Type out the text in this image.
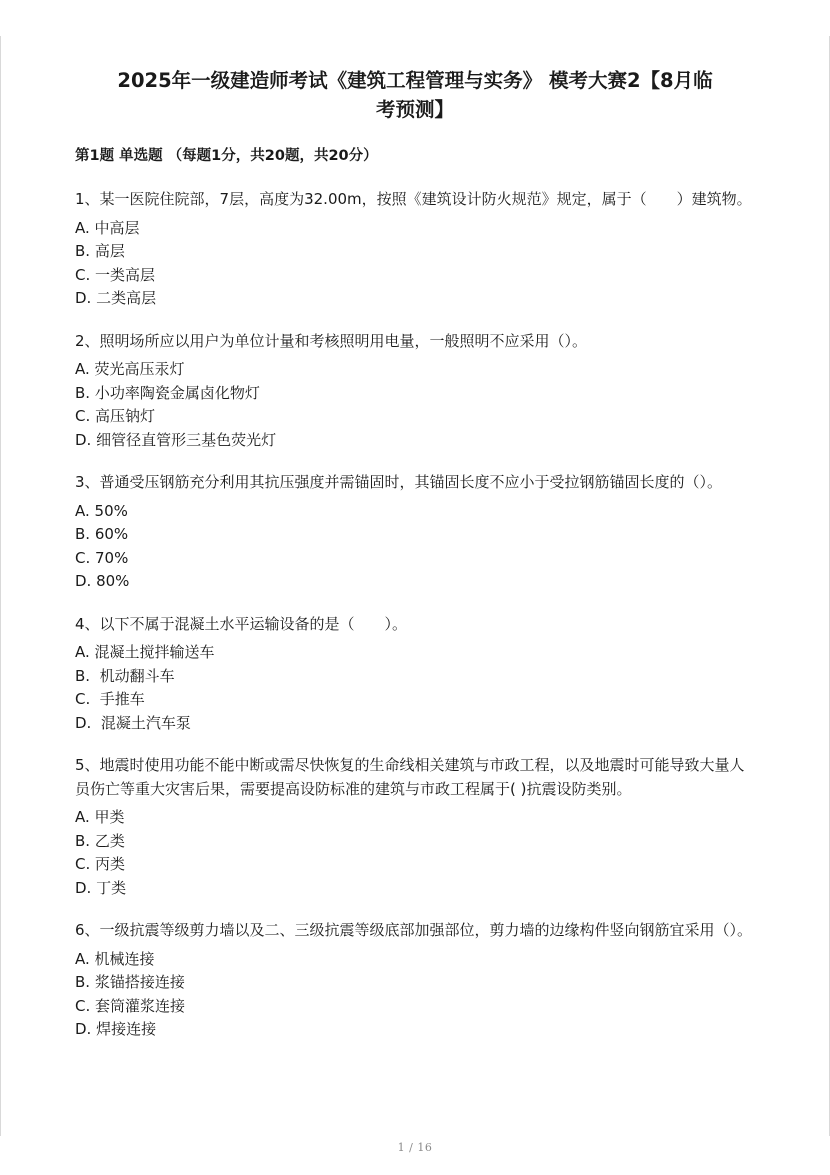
2025年一级建造师考试《建筑工程管理与实务》 模考大赛2【8月临
考预测】
第1题 单选题 （每题1分，共20题，共20分）
1、某一医院住院部，7层，高度为32.00m，按照《建筑设计防火规范》规定，属于（　　）建筑物。
A. 中高层
B. 高层
C. 一类高层
D. 二类高层
2、照明场所应以用户为单位计量和考核照明用电量，一般照明不应采用（）。
A. 荧光高压汞灯
B. 小功率陶瓷金属卤化物灯
C. 高压钠灯
D. 细管径直管形三基色荧光灯
3、普通受压钢筋充分利用其抗压强度并需锚固时，其锚固长度不应小于受拉钢筋锚固长度的（）。
A. 50%
B. 60%
C. 70%
D. 80%
4、以下不属于混凝土水平运输设备的是（　　）。
A. 混凝土搅拌输送车
B.  机动翻斗车
C.  手推车
D.  混凝土汽车泵
5、地震时使用功能不能中断或需尽快恢复的生命线相关建筑与市政工程，以及地震时可能导致大量人员伤亡等重大灾害后果，需要提高设防标准的建筑与市政工程属于( )抗震设防类别。
A. 甲类
B. 乙类
C. 丙类
D. 丁类
6、一级抗震等级剪力墙以及二、三级抗震等级底部加强部位，剪力墙的边缘构件竖向钢筋宜采用（）。
A. 机械连接
B. 浆锚搭接连接
C. 套筒灌浆连接
D. 焊接连接
1 / 16
